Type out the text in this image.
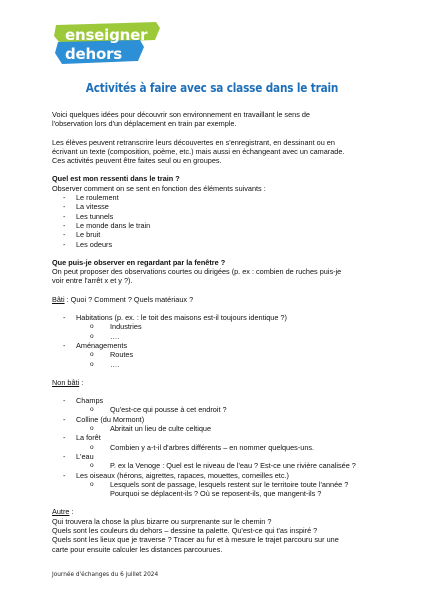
enseigner
dehors
Activités à faire avec sa classe dans le train

Voici quelques idées pour découvrir son environnement en travaillant le sens de

l'observation lors d'un déplacement en train par exemple.

Les élèves peuvent retranscrire leurs découvertes en s'enregistrant, en dessinant ou en

écrivant un texte (composition, poème, etc.) mais aussi en échangeant avec un camarade.

Ces activités peuvent être faites seul ou en groupes.

Quel est mon ressenti dans le train ?

Observer comment on se sent en fonction des éléments suivants :

- Le roulement
- La vitesse
- Les tunnels
- Le monde dans le train
- Le bruit
- Les odeurs

Que puis-je observer en regardant par la fenêtre ?

On peut proposer des observations courtes ou dirigées (p. ex : combien de ruches puis-je

voir entre l'arrêt x et y ?).

Bâti : Quoi ? Comment ? Quels matériaux ?

- Habitations (p. ex. : le toit des maisons est-il toujours identique ?)

o Industries

o ….

- Aménagements

o Routes

o ….

Non bâti :

- Champs

o Qu'est-ce qui pousse à cet endroit ?

- Colline (du Mormont)

o Abritait un lieu de culte celtique

- La forêt

o Combien y a-t-il d'arbres différents – en nommer quelques-uns.

- L'eau

o P. ex la Venoge : Quel est le niveau de l'eau ? Est-ce une rivière canalisée ?

- Les oiseaux (hérons, aigrettes, rapaces, mouettes, corneilles etc.)

o Lesquels sont de passage, lesquels restent sur le territoire toute l'année ?

Pourquoi se déplacent-ils ? Où se reposent-ils, que mangent-ils ?

Autre :

Qui trouvera la chose la plus bizarre ou surprenante sur le chemin ?

Quels sont les couleurs du dehors – dessine ta palette. Qu'est-ce qui t'as inspiré ?

Quels sont les lieux que je traverse ? Tracer au fur et à mesure le trajet parcouru sur une

carte pour ensuite calculer les distances parcourues.

Journée d'échanges du 6 juillet 2024
